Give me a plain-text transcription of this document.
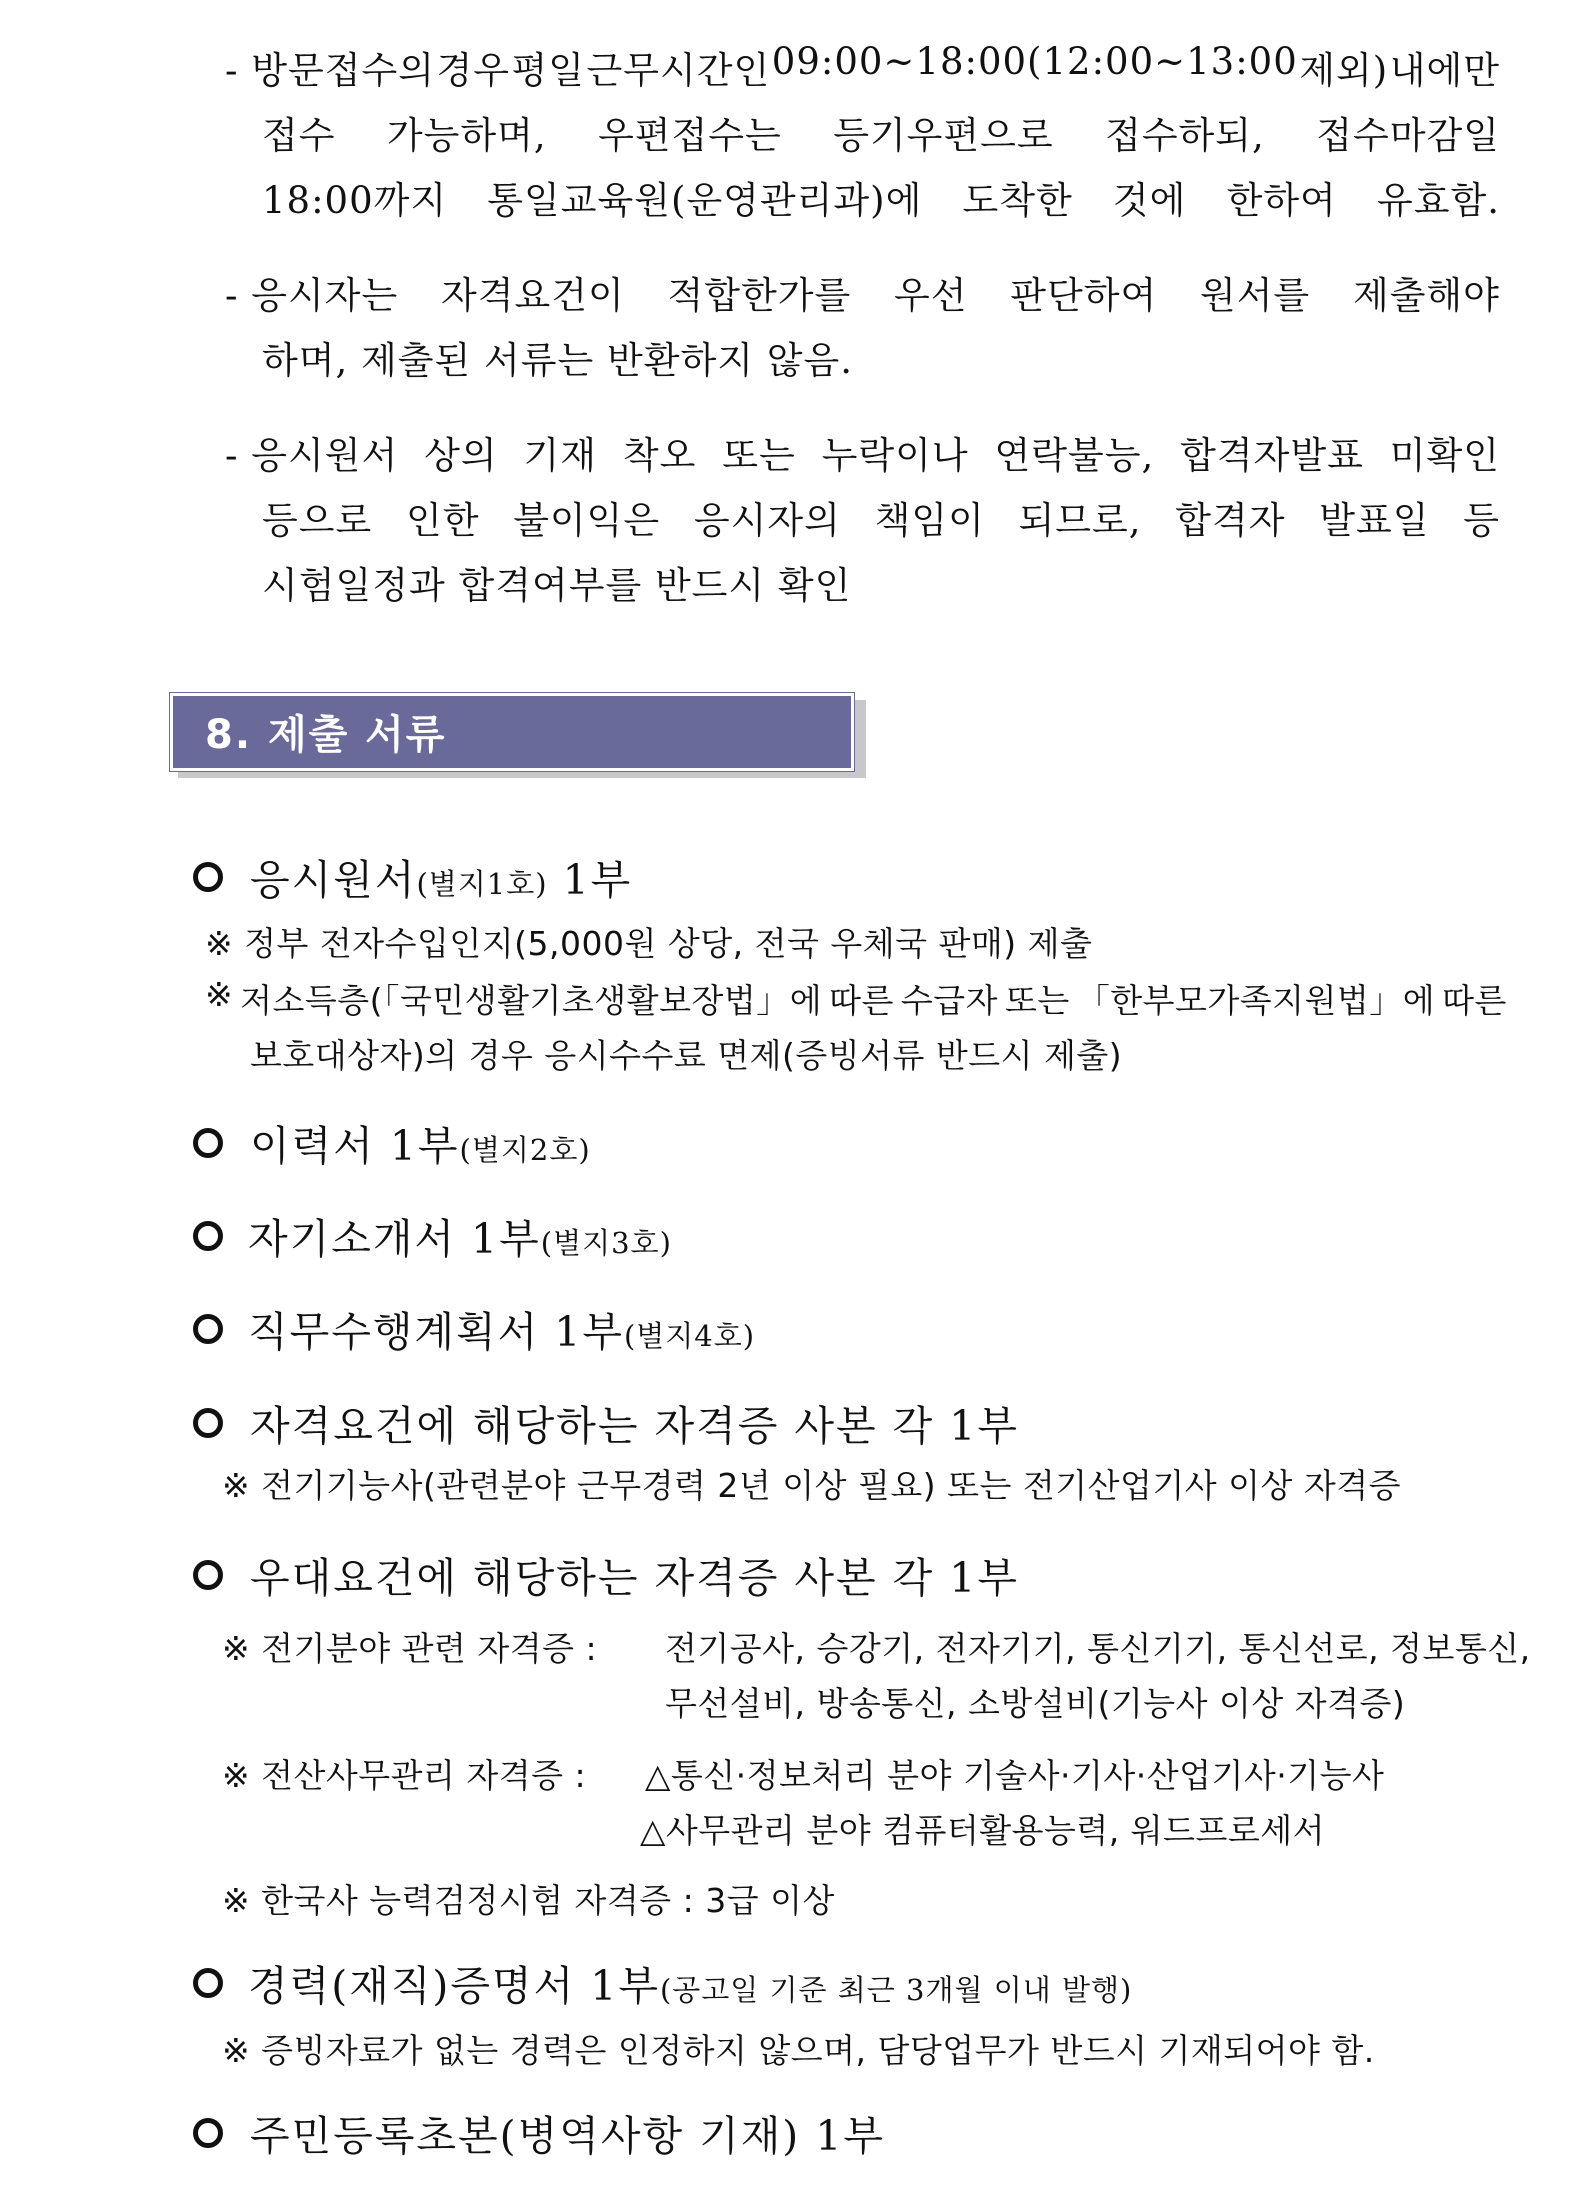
- 방문접수의 경우 평일 근무시간인 09:00~18:00(12:00~13:00 제외) 내에만
접수 가능하며, 우편접수는 등기우편으로 접수하되, 접수마감일
18:00까지 통일교육원(운영관리과)에 도착한 것에 한하여 유효함.
- 응시자는 자격요건이 적합한가를 우선 판단하여 원서를 제출해야
하며, 제출된 서류는 반환하지 않음.
- 응시원서 상의 기재 착오 또는 누락이나 연락불능, 합격자발표 미확인
등으로 인한 불이익은 응시자의 책임이 되므로, 합격자 발표일 등
시험일정과 합격여부를 반드시 확인
8. 제출 서류
응시원서(별지1호) 1부
※ 정부 전자수입인지(5,000원 상당, 전국 우체국 판매) 제출
※ 저소득층(「국민생활기초생활보장법」에 따른 수급자 또는 「한부모가족지원법」에 따른
보호대상자)의 경우 응시수수료 면제(증빙서류 반드시 제출)
이력서 1부(별지2호)
자기소개서 1부(별지3호)
직무수행계획서 1부(별지4호)
자격요건에 해당하는 자격증 사본 각 1부
※ 전기기능사(관련분야 근무경력 2년 이상 필요) 또는 전기산업기사 이상 자격증
우대요건에 해당하는 자격증 사본 각 1부
※ 전기분야 관련 자격증 : 전기공사, 승강기, 전자기기, 통신기기, 통신선로, 정보통신,
무선설비, 방송통신, 소방설비(기능사 이상 자격증)
※ 전산사무관리 자격증 : △통신·정보처리 분야 기술사·기사·산업기사·기능사
△사무관리 분야 컴퓨터활용능력, 워드프로세서
※ 한국사 능력검정시험 자격증 : 3급 이상
경력(재직)증명서 1부(공고일 기준 최근 3개월 이내 발행)
※ 증빙자료가 없는 경력은 인정하지 않으며, 담당업무가 반드시 기재되어야 함.
주민등록초본(병역사항 기재) 1부
